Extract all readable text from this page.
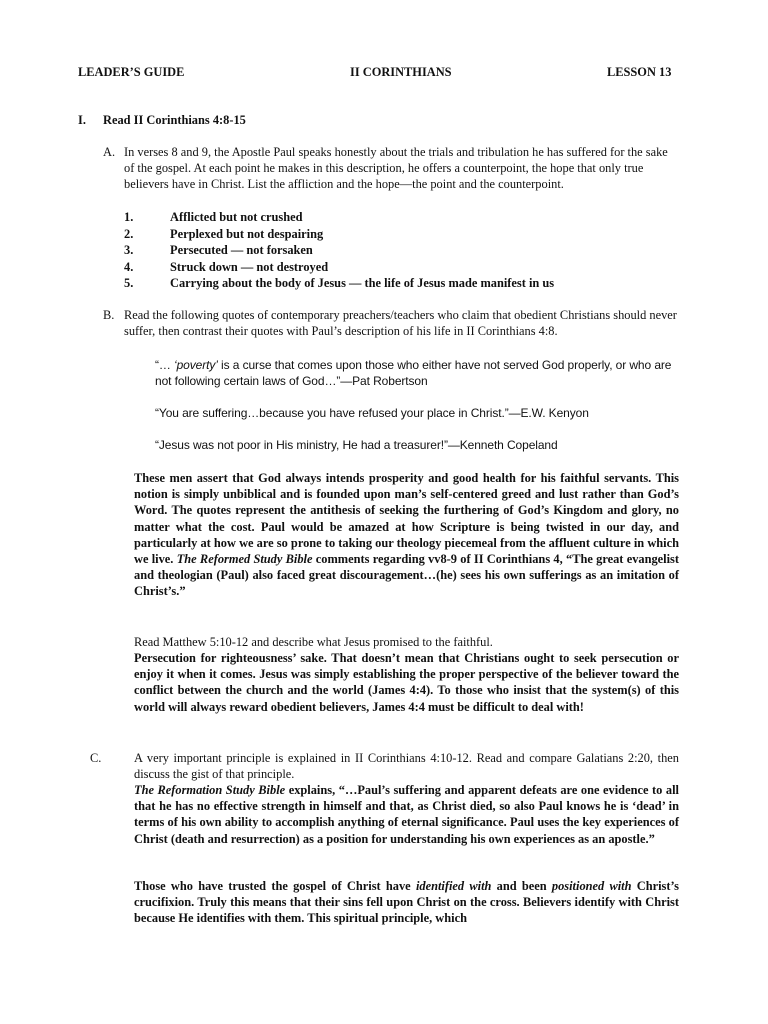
LEADER’S GUIDE	II CORINTHIANS	LESSON 13
I. Read II Corinthians 4:8-15
A. In verses 8 and 9, the Apostle Paul speaks honestly about the trials and tribulation he has suffered for the sake of the gospel. At each point he makes in this description, he offers a counterpoint, the hope that only true believers have in Christ. List the affliction and the hope—the point and the counterpoint.
1.	Afflicted but not crushed
2.	Perplexed but not despairing
3.	Persecuted — not forsaken
4.	Struck down — not destroyed
5.	Carrying about the body of Jesus — the life of Jesus made manifest in us
B. Read the following quotes of contemporary preachers/teachers who claim that obedient Christians should never suffer, then contrast their quotes with Paul’s description of his life in II Corinthians 4:8.
“… ‘poverty’ is a curse that comes upon those who either have not served God properly, or who are not following certain laws of God…”—Pat Robertson
“You are suffering…because you have refused your place in Christ.”—E.W. Kenyon
“Jesus was not poor in His ministry, He had a treasurer!”—Kenneth Copeland
These men assert that God always intends prosperity and good health for his faithful servants. This notion is simply unbiblical and is founded upon man’s self-centered greed and lust rather than God’s Word. The quotes represent the antithesis of seeking the furthering of God’s Kingdom and glory, no matter what the cost. Paul would be amazed at how Scripture is being twisted in our day, and particularly at how we are so prone to taking our theology piecemeal from the affluent culture in which we live. The Reformed Study Bible comments regarding vv8-9 of II Corinthians 4, “The great evangelist and theologian (Paul) also faced great discouragement…(he) sees his own sufferings as an imitation of Christ’s.”
Read Matthew 5:10-12 and describe what Jesus promised to the faithful.
Persecution for righteousness’ sake. That doesn’t mean that Christians ought to seek persecution or enjoy it when it comes. Jesus was simply establishing the proper perspective of the believer toward the conflict between the church and the world (James 4:4). To those who insist that the system(s) of this world will always reward obedient believers, James 4:4 must be difficult to deal with!
C.	A very important principle is explained in II Corinthians 4:10-12. Read and compare Galatians 2:20, then discuss the gist of that principle.
The Reformation Study Bible explains, “…Paul’s suffering and apparent defeats are one evidence to all that he has no effective strength in himself and that, as Christ died, so also Paul knows he is ‘dead’ in terms of his own ability to accomplish anything of eternal significance. Paul uses the key experiences of Christ (death and resurrection) as a position for understanding his own experiences as an apostle.”
Those who have trusted the gospel of Christ have identified with and been positioned with Christ’s crucifixion. Truly this means that their sins fell upon Christ on the cross. Believers identify with Christ because He identifies with them. This spiritual principle, which
